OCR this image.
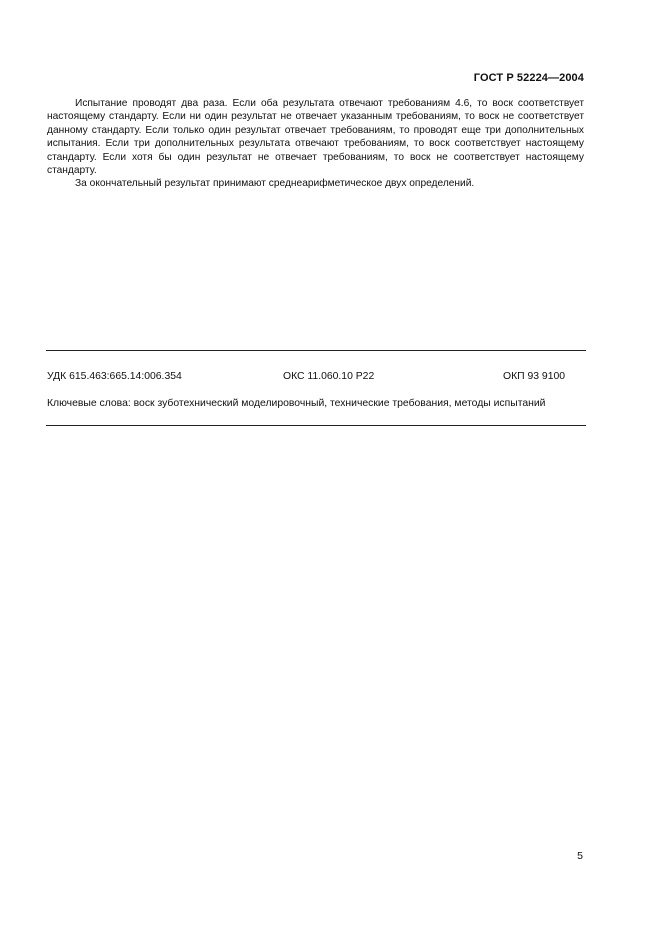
ГОСТ Р 52224—2004

Испытание проводят два раза. Если оба результата отвечают требованиям 4.6, то воск соответствует настоящему стандарту. Если ни один результат не отвечает указанным требованиям, то воск не соответствует данному стандарту. Если только один результат отвечает требованиям, то проводят еще три дополнительных испытания. Если три дополнительных результата отвечают требованиям, то воск соответствует настоящему стандарту. Если хотя бы один результат не отвечает требованиям, то воск не соответствует настоящему стандарту.

За окончательный результат принимают среднеарифметическое двух определений.

УДК 615.463:665.14:006.354	ОКС 11.060.10 Р22	ОКП 93 9100
Ключевые слова: воск зуботехнический моделировочный, технические требования, методы испытаний
5
